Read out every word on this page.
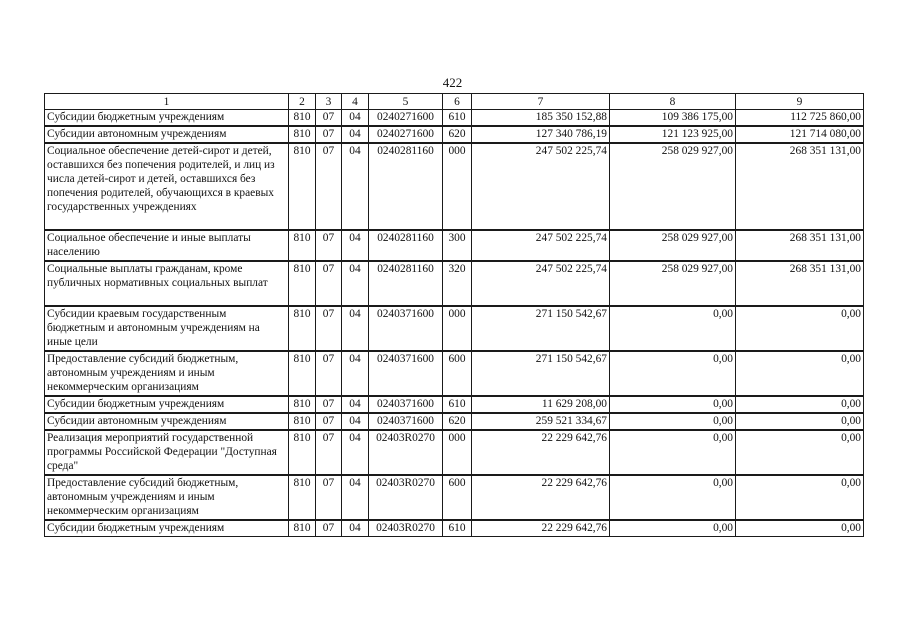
422
1	2	3	4	5	6	7	8	9
Субсидии бюджетным учреждениям	810	07	04	0240271600	610	185 350 152,88	109 386 175,00	112 725 860,00
Субсидии автономным учреждениям	810	07	04	0240271600	620	127 340 786,19	121 123 925,00	121 714 080,00
Социальное обеспечение детей-сирот и детей, оставшихся без попечения родителей, и лиц из числа детей-сирот и детей, оставшихся без попечения родителей, обучающихся в краевых государственных учреждениях	810	07	04	0240281160	000	247 502 225,74	258 029 927,00	268 351 131,00
Социальное обеспечение и иные выплаты населению	810	07	04	0240281160	300	247 502 225,74	258 029 927,00	268 351 131,00
Социальные выплаты гражданам, кроме публичных нормативных социальных выплат	810	07	04	0240281160	320	247 502 225,74	258 029 927,00	268 351 131,00
Субсидии краевым государственным бюджетным и автономным учреждениям на иные цели	810	07	04	0240371600	000	271 150 542,67	0,00	0,00
Предоставление субсидий бюджетным, автономным учреждениям и иным некоммерческим организациям	810	07	04	0240371600	600	271 150 542,67	0,00	0,00
Субсидии бюджетным учреждениям	810	07	04	0240371600	610	11 629 208,00	0,00	0,00
Субсидии автономным учреждениям	810	07	04	0240371600	620	259 521 334,67	0,00	0,00
Реализация мероприятий государственной программы Российской Федерации "Доступная среда"	810	07	04	02403R0270	000	22 229 642,76	0,00	0,00
Предоставление субсидий бюджетным, автономным учреждениям и иным некоммерческим организациям	810	07	04	02403R0270	600	22 229 642,76	0,00	0,00
Субсидии бюджетным учреждениям	810	07	04	02403R0270	610	22 229 642,76	0,00	0,00
